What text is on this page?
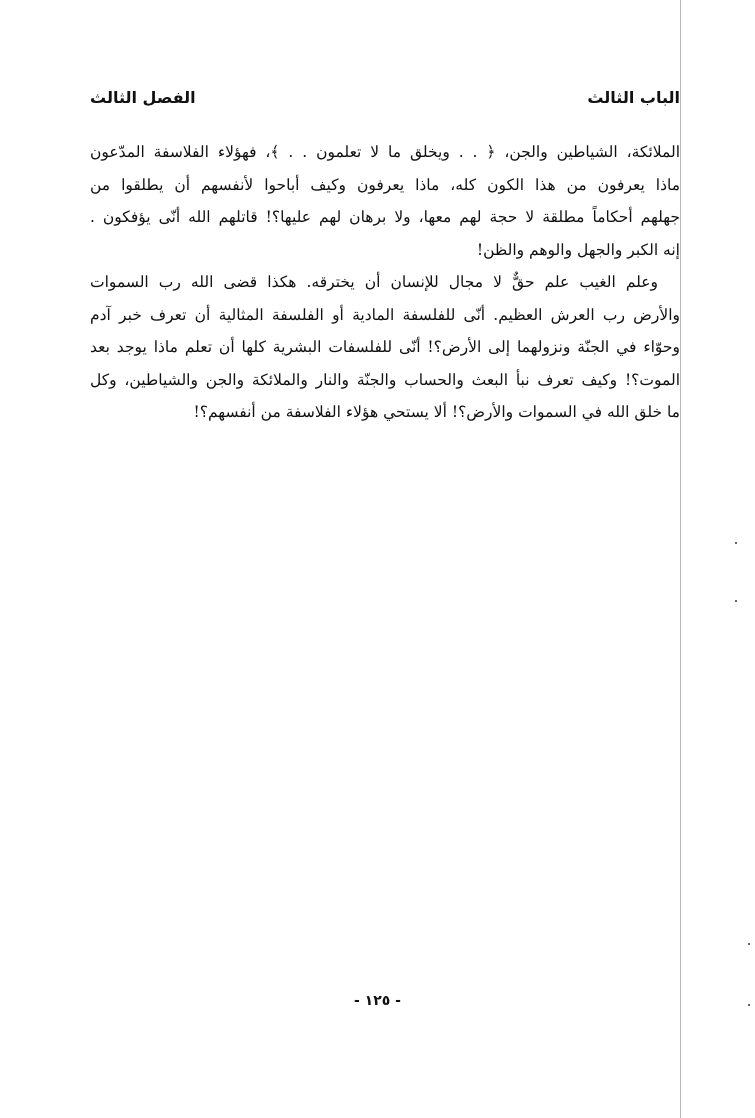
الباب الثالث
الفصل الثالث
الملائكة، الشياطين والجن، ﴿ . . ويخلق ما لا تعلمون . . ﴾، فهؤلاء الفلاسفة المدّعون
ماذا يعرفون من هذا الكون كله، ماذا يعرفون وكيف أباحوا لأنفسهم أن يطلقوا من
جهلهم أحكاماً مطلقة لا حجة لهم معها، ولا برهان لهم عليها؟! قاتلهم الله أنّى يؤفكون .
إنه الكبر والجهل والوهم والظن!
وعلم الغيب علم حقٌّ لا مجال للإنسان أن يخترقه. هكذا قضى الله رب السموات
والأرض رب العرش العظيم. أنّى للفلسفة المادية أو الفلسفة المثالية أن تعرف خبر آدم
وحوّاء في الجنّة ونزولهما إلى الأرض؟! أنّى للفلسفات البشرية كلها أن تعلم ماذا يوجد بعد
الموت؟! وكيف تعرف نبأ البعث والحساب والجنّة والنار والملائكة والجن والشياطين، وكل
ما خلق الله في السموات والأرض؟! ألا يستحي هؤلاء الفلاسفة من أنفسهم؟!
- ١٢٥ -
